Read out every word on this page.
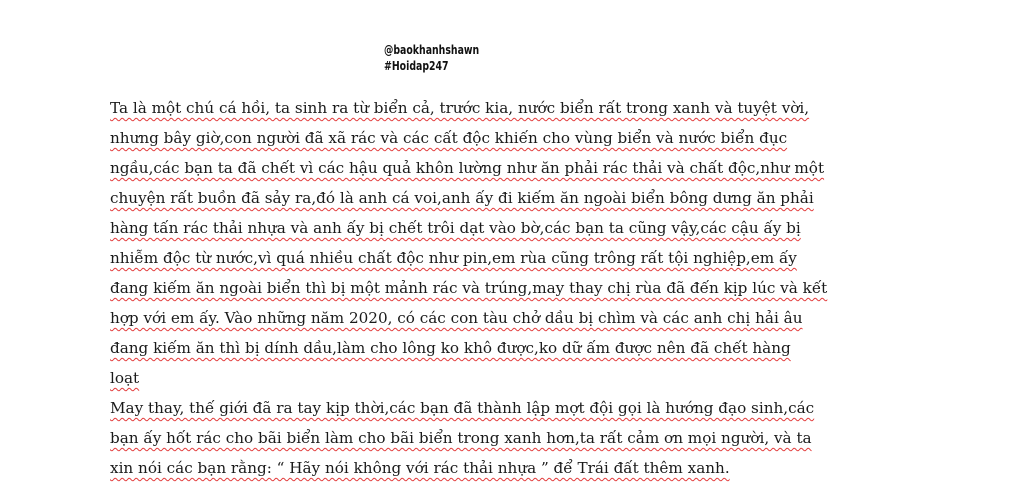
@baokhanhshawn
#Hoidap247
Ta là một chú cá hồi, ta sinh ra từ biển cả, trước kia, nước biển rất trong xanh và tuyệt vời,
nhưng bây giờ,con người đã xã rác và các cất độc khiến cho vùng biển và nước biển đục
ngầu,các bạn ta đã chết vì các hậu quả khôn lường như ăn phải rác thải và chất độc,như một
chuyện rất buồn đã sảy ra,đó là anh cá voi,anh ấy đi kiếm ăn ngoài biển bông dưng ăn phải
hàng tấn rác thải nhựa và anh ấy bị chết trôi dạt vào bờ,các bạn ta cũng vậy,các cậu ấy bị
nhiễm độc từ nước,vì quá nhiều chất độc như pin,em rùa cũng trông rất tội nghiệp,em ấy
đang kiếm ăn ngoài biển thì bị một mảnh rác và trúng,may thay chị rùa đã đến kịp lúc và kết
hợp với em ấy. Vào những năm 2020, có các con tàu chở dầu bị chìm và các anh chị hải âu
đang kiếm ăn thì bị dính dầu,làm cho lông ko khô được,ko dữ ấm được nên đã chết hàng
loạt
May thay, thế giới đã ra tay kịp thời,các bạn đã thành lập mợt đội gọi là hướng đạo sinh,các
bạn ấy hốt rác cho bãi biển làm cho bãi biển trong xanh hơn,ta rất cảm ơn mọi người, và ta
xin nói các bạn rằng: “ Hãy nói không với rác thải nhựa ” để Trái đất thêm xanh.
